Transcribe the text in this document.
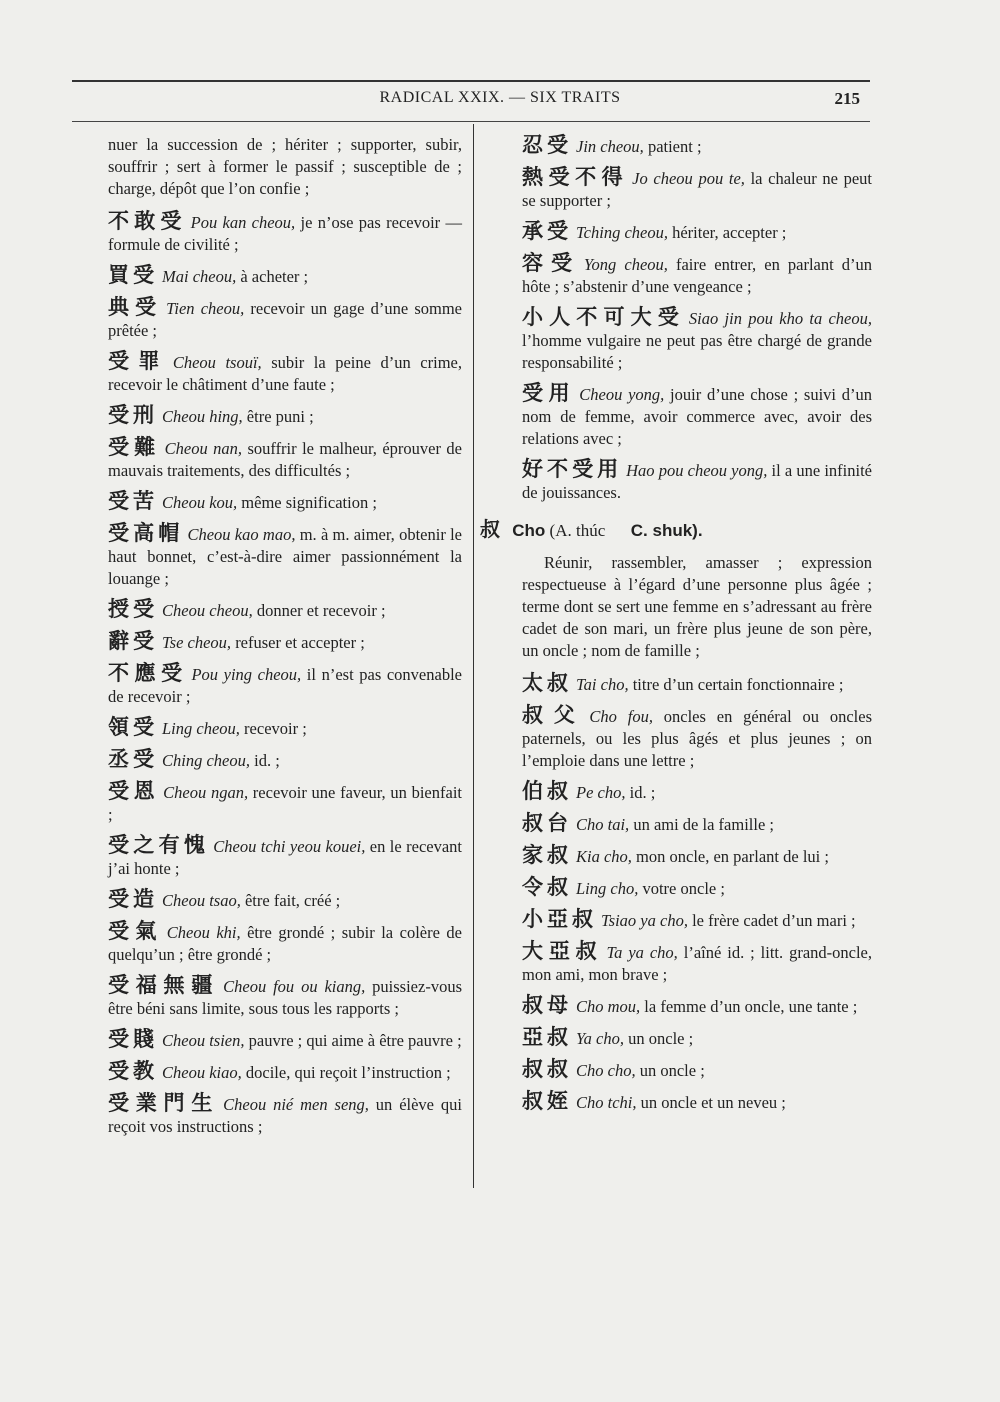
RADICAL XXIX. — SIX TRAITS	215

nuer la succession de ; hériter ; supporter, subir, souffrir ; sert à former le passif ; susceptible de ; charge, dépôt que l’on confie ;

不敢受 Pou kan cheou, je n’ose pas recevoir — formule de civilité ;

買受 Mai cheou, à acheter ;

典受 Tien cheou, recevoir un gage d’une somme prêtée ;

受罪 Cheou tsouï, subir la peine d’un crime, recevoir le châtiment d’une faute ;

受刑 Cheou hing, être puni ;

受難 Cheou nan, souffrir le malheur, éprouver de mauvais traitements, des difficultés ;

受苦 Cheou kou, même signification ;

受高帽 Cheou kao mao, m. à m. aimer, obtenir le haut bonnet, c’est-à-dire aimer passionnément la louange ;

授受 Cheou cheou, donner et recevoir ;

辭受 Tse cheou, refuser et accepter ;

不應受 Pou ying cheou, il n’est pas convenable de recevoir ;

領受 Ling cheou, recevoir ;

丞受 Ching cheou, id. ;

受恩 Cheou ngan, recevoir une faveur, un bienfait ;

受之有愧 Cheou tchi yeou kouei, en le recevant j’ai honte ;

受造 Cheou tsao, être fait, créé ;

受氣 Cheou khi, être grondé ; subir la colère de quelqu’un ; être grondé ;

受福無疆 Cheou fou ou kiang, puissiez-vous être béni sans limite, sous tous les rapports ;

受賤 Cheou tsien, pauvre ; qui aime à être pauvre ;

受教 Cheou kiao, docile, qui reçoit l’instruction ;

受業門生 Cheou nié men seng, un élève qui reçoit vos instructions ;

忍受 Jin cheou, patient ;

熱受不得 Jo cheou pou te, la chaleur ne peut se supporter ;

承受 Tching cheou, hériter, accepter ;

容受 Yong cheou, faire entrer, en parlant d’un hôte ; s’abstenir d’une vengeance ;

小人不可大受 Siao jin pou kho ta cheou, l’homme vulgaire ne peut pas être chargé de grande responsabilité ;

受用 Cheou yong, jouir d’une chose ; suivi d’un nom de femme, avoir commerce avec, avoir des relations avec ;

好不受用 Hao pou cheou yong, il a une infinité de jouissances.

叔 Cho (A. thúc C. shuk).

Réunir, rassembler, amasser ; expression respectueuse à l’égard d’une personne plus âgée ; terme dont se sert une femme en s’adressant au frère cadet de son mari, un frère plus jeune de son père, un oncle ; nom de famille ;

太叔 Tai cho, titre d’un certain fonctionnaire ;

叔父 Cho fou, oncles en général ou oncles paternels, ou les plus âgés et plus jeunes ; on l’emploie dans une lettre ;

伯叔 Pe cho, id. ;

叔台 Cho tai, un ami de la famille ;

家叔 Kia cho, mon oncle, en parlant de lui ;

令叔 Ling cho, votre oncle ;

小亞叔 Tsiao ya cho, le frère cadet d’un mari ;

大亞叔 Ta ya cho, l’aîné id. ; litt. grand-oncle, mon ami, mon brave ;

叔母 Cho mou, la femme d’un oncle, une tante ;

亞叔 Ya cho, un oncle ;

叔叔 Cho cho, un oncle ;

叔姪 Cho tchi, un oncle et un neveu ;
